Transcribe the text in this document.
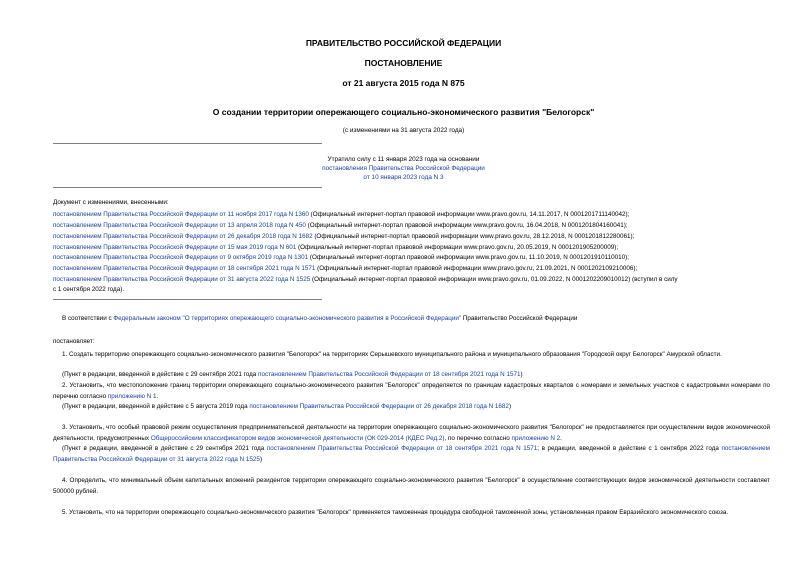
ПРАВИТЕЛЬСТВО РОССИЙСКОЙ ФЕДЕРАЦИИ
ПОСТАНОВЛЕНИЕ
от 21 августа 2015 года N 875
О создании территории опережающего социально-экономического развития "Белогорск"
(с изменениями на 31 августа 2022 года)
Утратило силу с 11 января 2023 года на основании
постановления Правительства Российской Федерации
от 10 января 2023 года N 3
Документ с изменениями, внесенными:
постановлением Правительства Российской Федерации от 11 ноября 2017 года N 1360 (Официальный интернет-портал правовой информации www.pravo.gov.ru, 14.11.2017, N 0001201711140042);
постановлением Правительства Российской Федерации от 13 апреля 2018 года N 450 (Официальный интернет-портал правовой информации www.pravo.gov.ru, 16.04.2018, N 0001201804160041);
постановлением Правительства Российской Федерации от 26 декабря 2018 года N 1682 (Официальный интернет-портал правовой информации www.pravo.gov.ru, 28.12.2018, N 0001201812280061);
постановлением Правительства Российской Федерации от 15 мая 2019 года N 601 (Официальный интернет-портал правовой информации www.pravo.gov.ru, 20.05.2019, N 0001201905200009);
постановлением Правительства Российской Федерации от 9 октября 2019 года N 1301 (Официальный интернет-портал правовой информации www.pravo.gov.ru, 11.10.2019, N 0001201910110010);
постановлением Правительства Российской Федерации от 18 сентября 2021 года N 1571 (Официальный интернет-портал правовой информации www.pravo.gov.ru, 21.09.2021, N 0001202109210006);
постановлением Правительства Российской Федерации от 31 августа 2022 года N 1525 (Официальный интернет-портал правовой информации www.pravo.gov.ru, 01.09.2022, N 0001202209010012) (вступил в силу
с 1 сентября 2022 года).
В соответствии с Федеральным законом "О территориях опережающего социально-экономического развития в Российской Федерации" Правительство Российской Федерации
постановляет:
1. Создать территорию опережающего социально-экономического развития "Белогорск" на территориях Серышевского муниципального района и муниципального образования "Городской округ Белогорск" Амурской области.
(Пункт в редакции, введенной в действие с 29 сентября 2021 года постановлением Правительства Российской Федерации от 18 сентября 2021 года N 1571)
2. Установить, что местоположение границ территории опережающего социально-экономического развития "Белогорск" определяется по границам кадастровых кварталов с номерами и земельных участков с кадастровыми номерами по перечню согласно приложению N 1.
(Пункт в редакции, введенной в действие с 5 августа 2019 года постановлением Правительства Российской Федерации от 26 декабря 2018 года N 1682)
3. Установить, что особый правовой режим осуществления предпринимательской деятельности на территории опережающего социально-экономического развития "Белогорск" не предоставляется при осуществлении видов экономической деятельности, предусмотренных Общероссийским классификатором видов экономической деятельности (ОК 029-2014 (КДЕС Ред.2), по перечню согласно приложению N 2.
(Пункт в редакции, введенной в действие с 29 сентября 2021 года постановлением Правительства Российской Федерации от 18 сентября 2021 года N 1571; в редакции, введенной в действие с 1 сентября 2022 года постановлением Правительства Российской Федерации от 31 августа 2022 года N 1525)
4. Определить, что минимальный объем капитальных вложений резидентов территории опережающего социально-экономического развития "Белогорск" в осуществление соответствующих видов экономической деятельности составляет 500000 рублей.
5. Установить, что на территории опережающего социально-экономического развития "Белогорск" применяется таможенная процедура свободной таможенной зоны, установленная правом Евразийского экономического союза.
